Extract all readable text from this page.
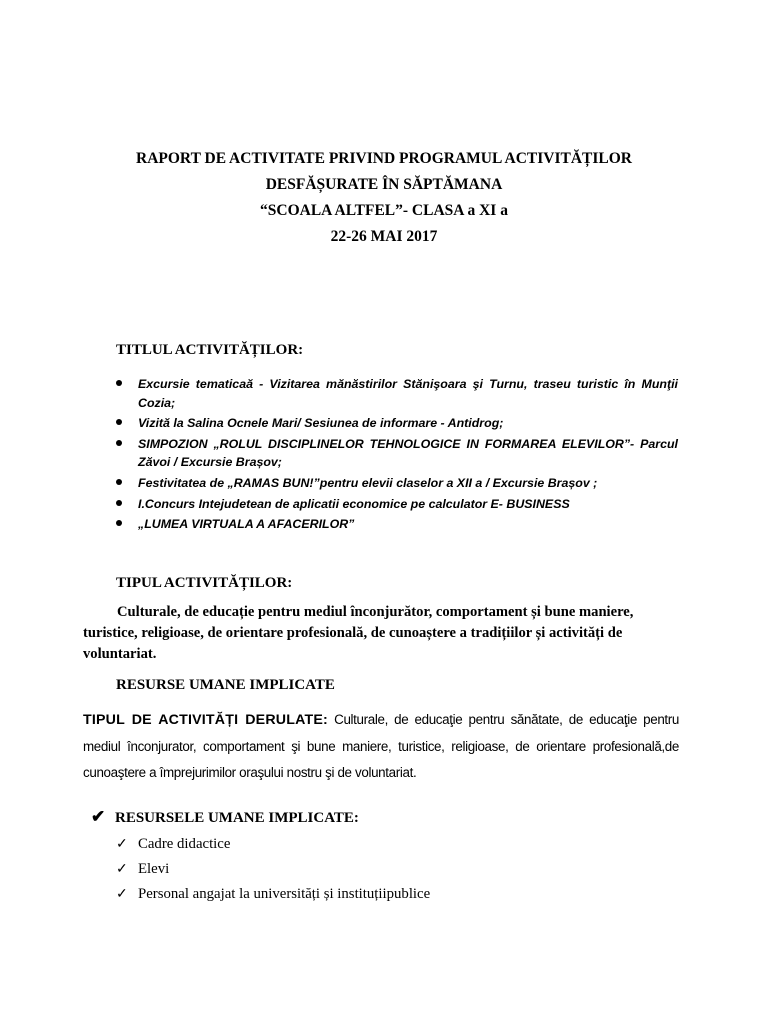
RAPORT DE ACTIVITATE PRIVIND PROGRAMUL ACTIVITĂȚILOR
DESFĂȘURATE ÎN SĂPTĂMANA
“SCOALA ALTFEL”- CLASA a XI a
22-26 MAI 2017
TITLUL ACTIVITĂȚILOR:
Excursie tematicaă - Vizitarea mănăstirilor Stănişoara şi Turnu, traseu turistic în Munţii Cozia;
Vizită la Salina Ocnele Mari/ Sesiunea de informare - Antidrog;
SIMPOZION „ROLUL DISCIPLINELOR TEHNOLOGICE IN FORMAREA ELEVILOR”- Parcul Zăvoi / Excursie Brașov;
Festivitatea de „RAMAS BUN!”pentru elevii claselor a XII a / Excursie Brașov ;
I.Concurs Intejudetean de aplicatii economice pe calculator E- BUSINESS
„LUMEA VIRTUALA A AFACERILOR”
TIPUL ACTIVITĂȚILOR:
Culturale, de educație pentru mediul înconjurător, comportament și bune maniere, turistice, religioase, de orientare profesională, de cunoaștere a tradițiilor și activități de voluntariat.
RESURSE UMANE IMPLICATE
TIPUL DE ACTIVITĂȚI DERULATE: Culturale, de educaţie pentru sănătate, de educaţie pentru mediul înconjurator, comportament şi bune maniere, turistice, religioase, de orientare profesională,de cunoaştere a împrejurimilor oraşului nostru şi de voluntariat.
✔ RESURSELE UMANE IMPLICATE:
✓ Cadre didactice
✓ Elevi
✓ Personal angajat la universități și instituțiipublice
